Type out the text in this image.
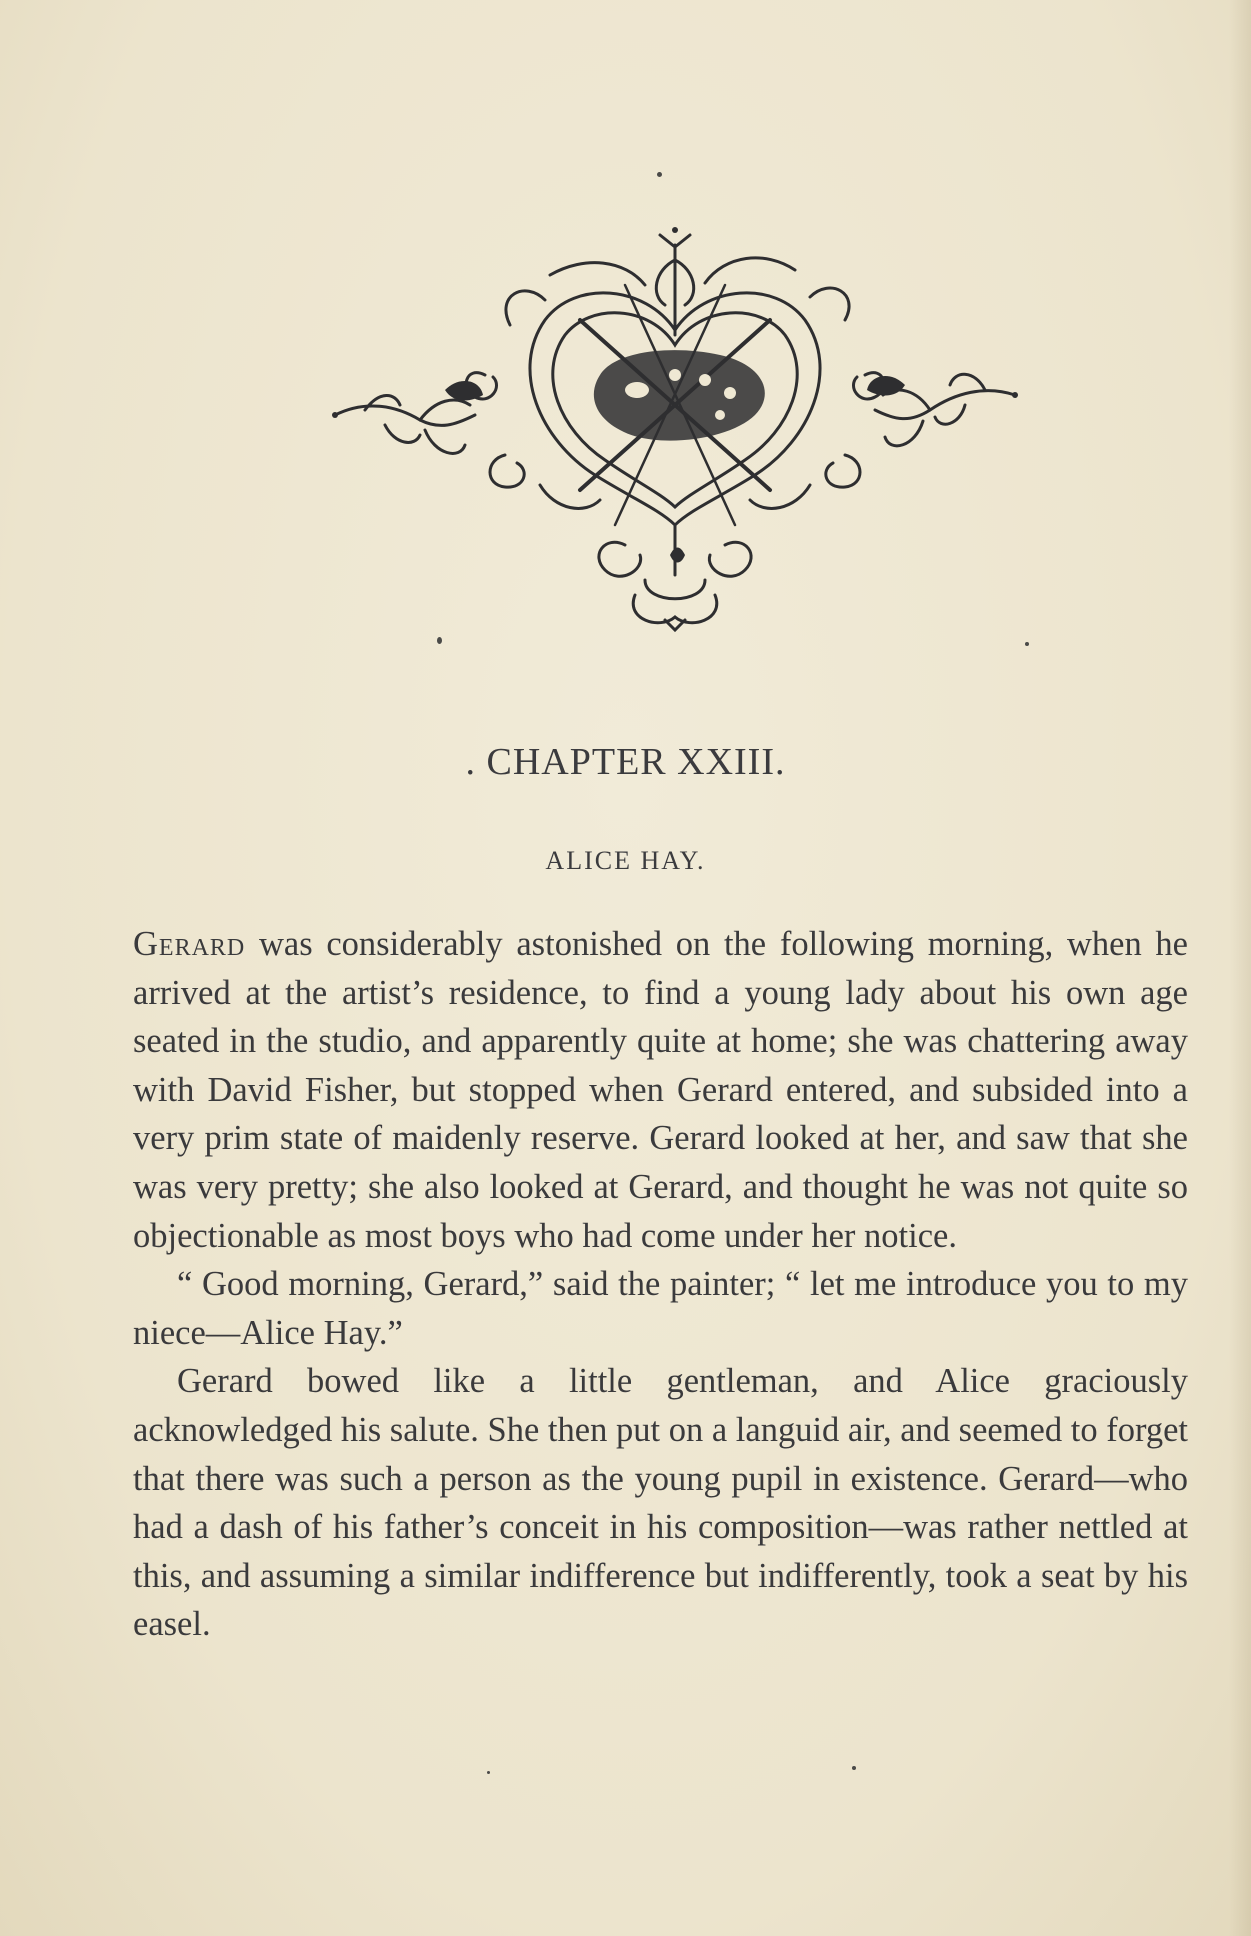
. CHAPTER XXIII.
ALICE HAY.

Gerard was considerably astonished on the following morning, when he arrived at the artist’s residence, to find a young lady about his own age seated in the studio, and apparently quite at home; she was chattering away with David Fisher, but stopped when Gerard entered, and subsided into a very prim state of maidenly reserve. Gerard looked at her, and saw that she was very pretty; she also looked at Gerard, and thought he was not quite so objectionable as most boys who had come under her notice.

“ Good morning, Gerard,” said the painter; “ let me introduce you to my niece—Alice Hay.”

Gerard bowed like a little gentleman, and Alice graciously acknowledged his salute. She then put on a languid air, and seemed to forget that there was such a person as the young pupil in existence. Gerard—who had a dash of his father’s conceit in his composition—was rather nettled at this, and assuming a similar indifference but indifferently, took a seat by his easel.
